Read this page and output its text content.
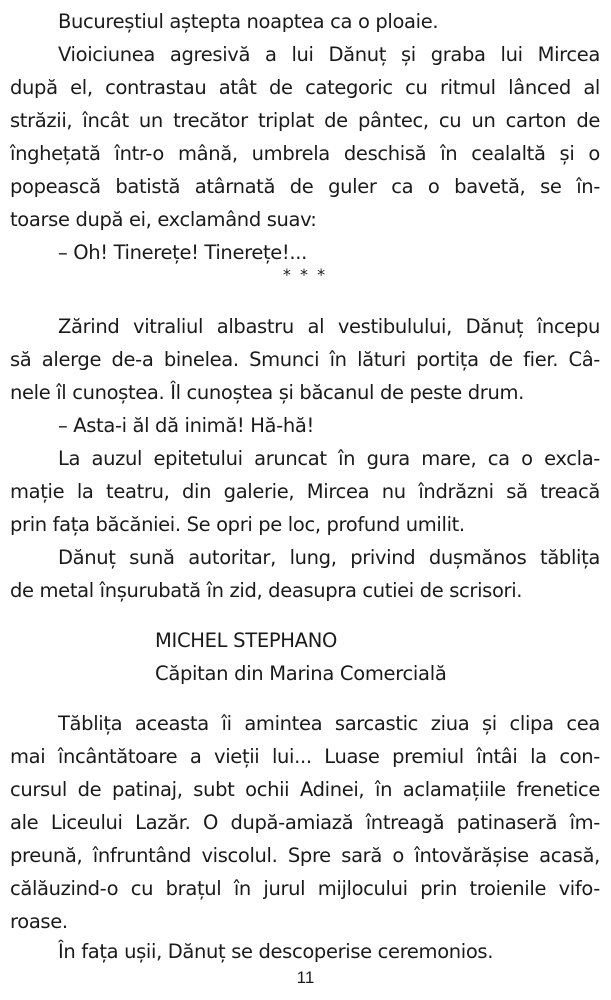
Bucureștiul aștepta noaptea ca o ploaie.
Vioiciunea agresivă a lui Dănuț și graba lui Mircea
după el, contrastau atât de categoric cu ritmul lânced al
străzii, încât un trecător triplat de pântec, cu un carton de
înghețată într-o mână, umbrela deschisă în cealaltă și o
popească batistă atârnată de guler ca o bavetă, se în-
toarse după ei, exclamând suav:
– Oh! Tinerețe! Tinerețe!...
* * *
Zărind vitraliul albastru al vestibulului, Dănuț începu
să alerge de-a binelea. Smunci în lături portița de fier. Câ-
nele îl cunoștea. Îl cunoștea și băcanul de peste drum.
– Asta-i ăl dă inimă! Hă-hă!
La auzul epitetului aruncat în gura mare, ca o excla-
mație la teatru, din galerie, Mircea nu îndrăzni să treacă
prin fața băcăniei. Se opri pe loc, profund umilit.
Dănuț sună autoritar, lung, privind dușmănos tăblița
de metal înșurubată în zid, deasupra cutiei de scrisori.
MICHEL STEPHANO
Căpitan din Marina Comercială
Tăblița aceasta îi amintea sarcastic ziua și clipa cea
mai încântătoare a vieții lui... Luase premiul întâi la con-
cursul de patinaj, subt ochii Adinei, în aclamațiile frenetice
ale Liceului Lazăr. O după-amiază întreagă patinaseră îm-
preună, înfruntând viscolul. Spre sară o întovărășise acasă,
călăuzind-o cu brațul în jurul mijlocului prin troienile vifo-
roase.
În fața ușii, Dănuț se descoperise ceremonios.
11
